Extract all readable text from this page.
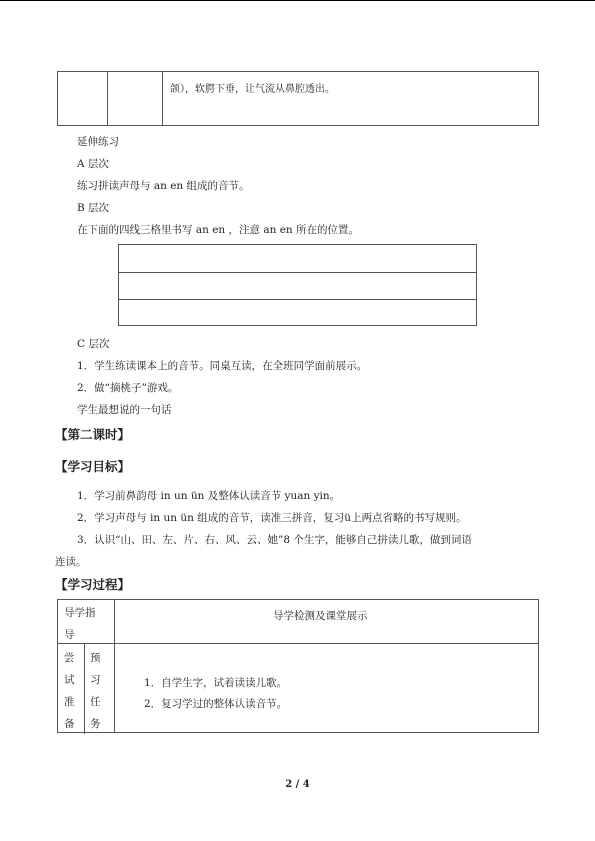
颌），软腭下垂，让气流从鼻腔透出。
延伸练习
A 层次
练习拼读声母与 an en 组成的音节。
B 层次
在下面的四线三格里书写 an en ，注意 an en 所在的位置。
C 层次
1．学生练读课本上的音节。同桌互读，在全班同学面前展示。
2．做“摘桃子”游戏。
学生最想说的一句话
【第二课时】
【学习目标】
1．学习前鼻韵母 in un ün 及整体认读音节 yuan yin。
2．学习声母与 in un ün 组成的音节，读准三拼音，复习ü上两点省略的书写规则。
3．认识“山、田、左、片、右、风、云、她”8 个生字，能够自己拼读儿歌，做到词语
连读。
【学习过程】
导学指
导
导学检测及课堂展示
尝
试
准
备
预
习
任
务
1．自学生字，试着读读儿歌。
2．复习学过的整体认读音节。
2 / 4
